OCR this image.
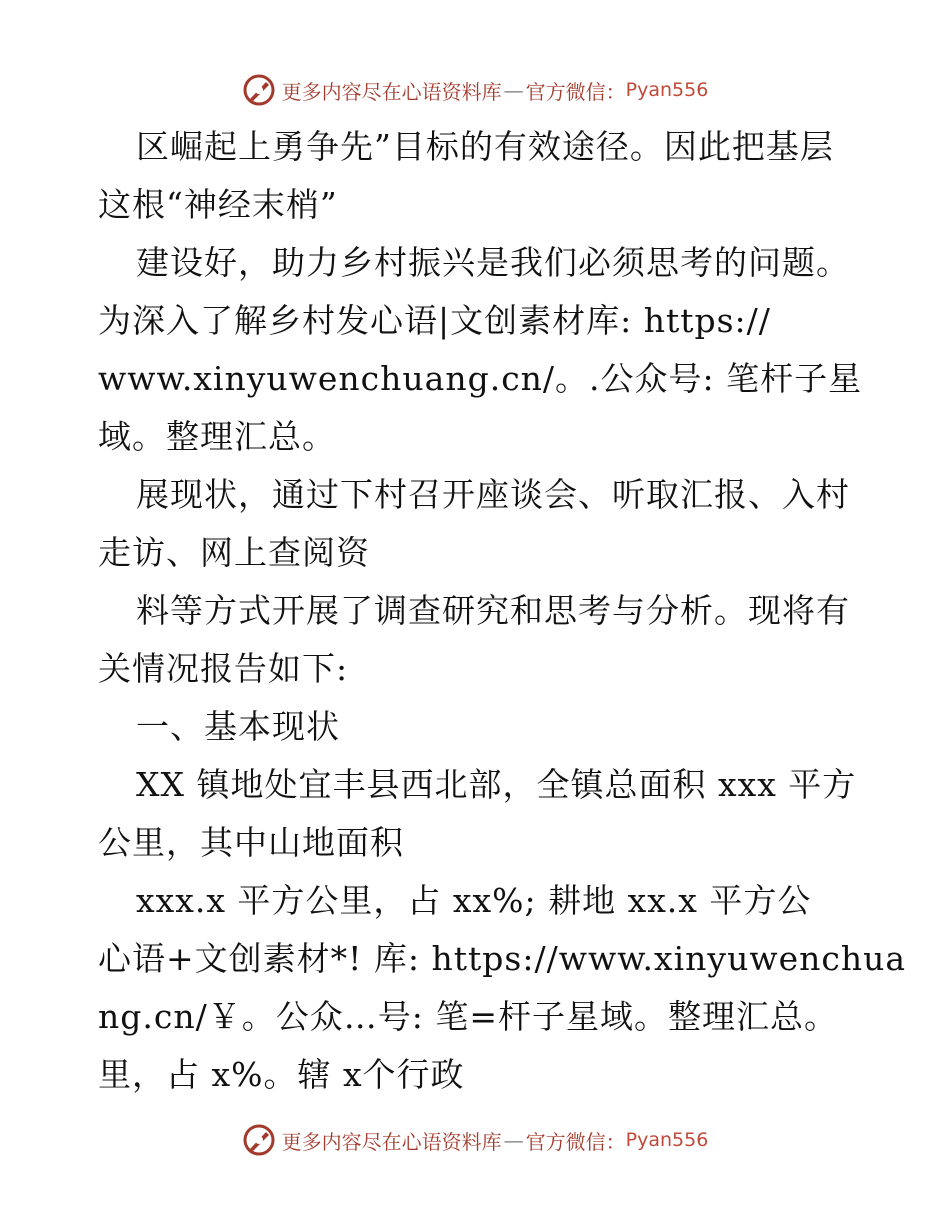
更多内容尽在心语资料库 — 官方微信： Pyan556
区崛起上勇争先”目标的有效途径。因此把基层
这根“神经末梢”
建设好，助力乡村振兴是我们必须思考的问题。
为深入了解乡村发心语|文创素材库: https://
www.xinyuwenchuang.cn/。.公众号: 笔杆子星
域。整理汇总。
展现状，通过下村召开座谈会、听取汇报、入村
走访、网上查阅资
料等方式开展了调查研究和思考与分析。现将有
关情况报告如下:
一、基本现状
XX 镇地处宜丰县西北部，全镇总面积 xxx 平方
公里，其中山地面积
xxx.x 平方公里，占 xx%; 耕地 xx.x 平方公
心语+文创素材*! 库: https://www.xinyuwenchua
ng.cn/￥。公众…号: 笔=杆子星域。整理汇总。
里，占 x%。辖 x个行政
更多内容尽在心语资料库 — 官方微信： Pyan556
